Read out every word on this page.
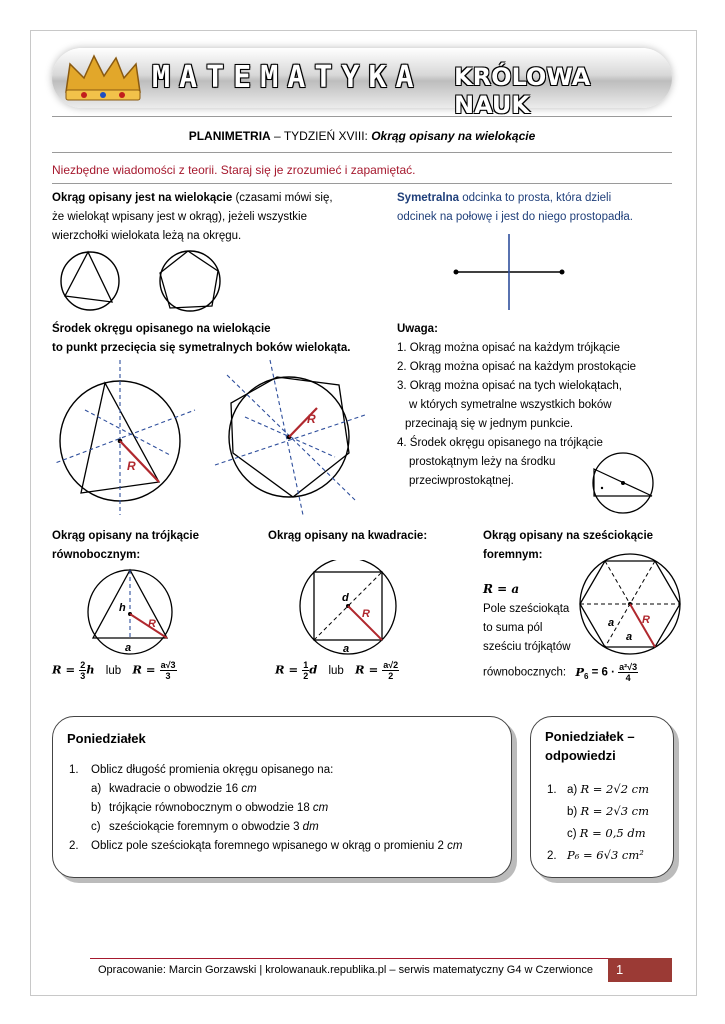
MATEMATYKA KRÓLOWA NAUK
PLANIMETRIA – TYDZIEŃ XVIII: Okrąg opisany na wielokącie
Niezbędne wiadomości z teorii. Staraj się je zrozumieć i zapamiętać.
Okrąg opisany jest na wielokącie (czasami mówi się,
że wielokąt wpisany jest w okrąg), jeżeli wszystkie
wierzchołki wielokata leżą na okręgu.
Symetralna odcinka to prosta, która dzieli
odcinek na połowę i jest do niego prostopadła.
Środek okręgu opisanego na wielokącie
to punkt przecięcia się symetralnych boków wielokąta.
R
R
Uwaga:
1. Okrąg można opisać na każdym trójkącie
2. Okrąg można opisać na każdym prostokącie
3. Okrąg można opisać na tych wielokątach,
w których symetralne wszystkich boków
przecinają się w jednym punkcie.
4. Środek okręgu opisanego na trójkącie
prostokątnym leży na środku
przeciwprostokątnej.
Okrąg opisany na trójkącie
równobocznym:
h
R
a
$R = \frac{2}{3}$ h lub $R = \frac{a√3}{3}$
Okrąg opisany na kwadracie:
d
R
a
$R = \frac{1}{2}$ d lub $R = \frac{a√2}{2}$
Okrąg opisany na sześciokącie
foremnym:
R = a
Pole sześciokąta
to suma pól
sześciu trójkątów
a
a
R
równobocznych: $P_6 = 6 \cdot \frac{\text{a²√3}}{4}$
Poniedziałek
1. Oblicz długość promienia okręgu opisanego na:
a) kwadracie o obwodzie 16 cm
b) trójkącie równobocznym o obwodzie 18 cm
c) sześciokącie foremnym o obwodzie 3 dm
2. Oblicz pole sześciokąta foremnego wpisanego w okrąg o promieniu 2 cm
Poniedziałek –
odpowiedzi
1. a) R = 2√2 cm
b) R = 2√3 cm
c) R = 0,5 dm
2. P₆ = 6√3 cm²
Opracowanie: Marcin Gorzawski | krolowanauk.republika.pl – serwis matematyczny G4 w Czerwionce 1
